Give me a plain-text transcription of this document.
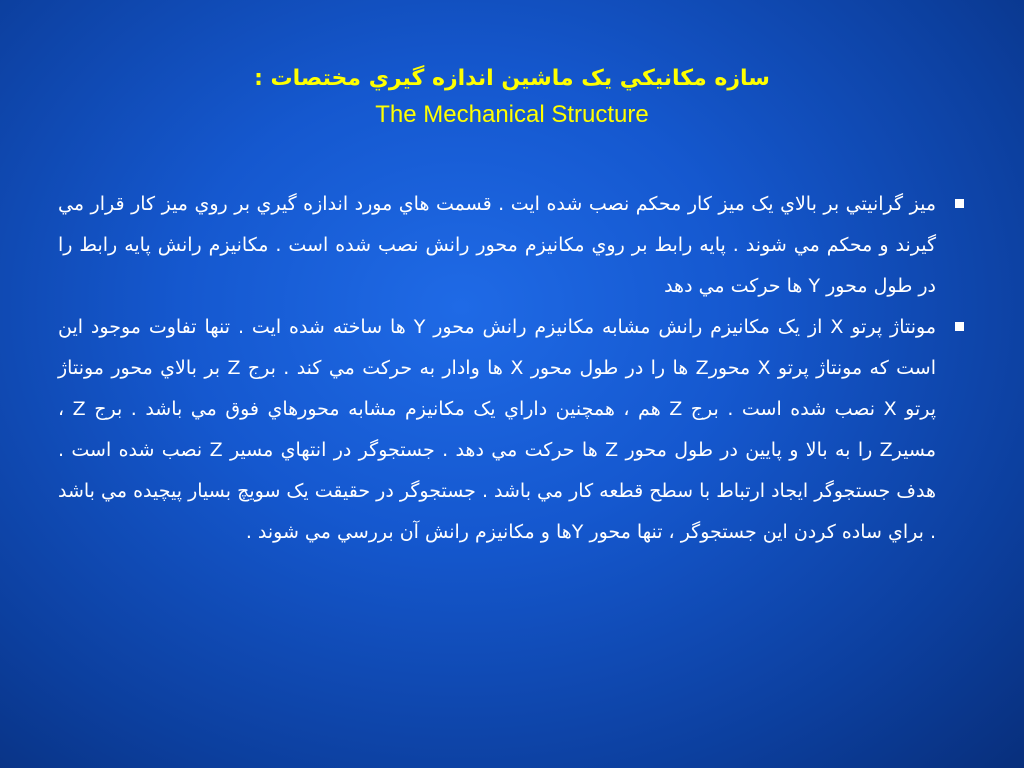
سازه مکانيکي يک ماشين اندازه گيري مختصات :
The Mechanical Structure
ميز گرانيتي بر بالاي يک ميز کار محکم نصب شده ايت . قسمت هاي مورد اندازه گيري بر روي ميز کار قرار مي گيرند و محکم مي شوند . پايه رابط بر روي مکانيزم محور رانش نصب شده است . مکانيزم رانش پايه رابط را در طول محور Y ها حرکت مي دهد
مونتاژ پرتو X از يک مکانيزم رانش مشابه مکانيزم رانش محور Y ها ساخته شده ايت . تنها تفاوت موجود اين است که مونتاژ پرتو X محورZ ها را در طول محور X ها وادار به حرکت مي کند . برج Z بر بالاي محور مونتاژ پرتو X نصب شده است . برج Z هم ، همچنين داراي يک مکانيزم مشابه محورهاي فوق مي باشد . برج Z ، مسيرZ را به بالا و پايين در طول محور Z ها حرکت مي دهد . جستجوگر در انتهاي مسير Z نصب شده است . هدف جستجوگر ايجاد ارتباط با سطح قطعه کار مي باشد . جستجوگر در حقيقت يک سويچ بسيار پيچيده مي باشد . براي ساده کردن اين جستجوگر ، تنها محور Yها و مکانيزم رانش آن بررسي مي شوند .
